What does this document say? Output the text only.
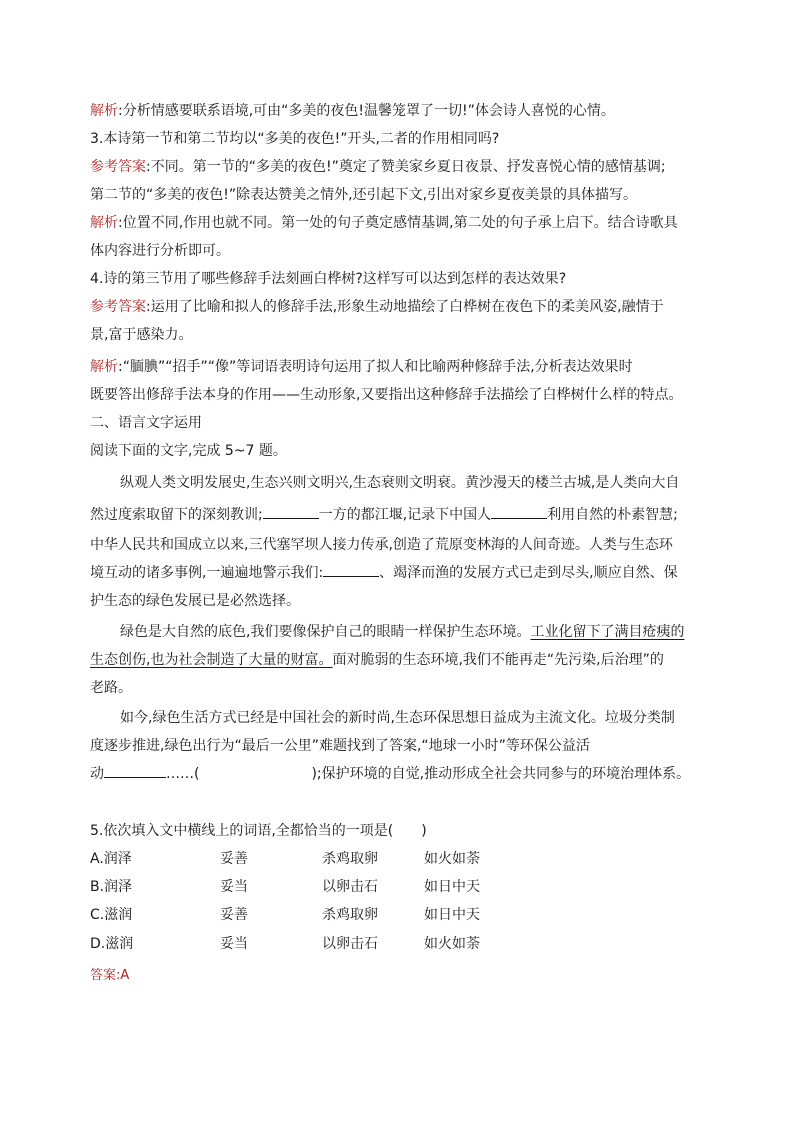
解析:分析情感要联系语境,可由“多美的夜色!温馨笼罩了一切!”体会诗人喜悦的心情。
3.本诗第一节和第二节均以“多美的夜色!”开头,二者的作用相同吗?
参考答案:不同。第一节的“多美的夜色!”奠定了赞美家乡夏日夜景、抒发喜悦心情的感情基调;
第二节的“多美的夜色!”除表达赞美之情外,还引起下文,引出对家乡夏夜美景的具体描写。
解析:位置不同,作用也就不同。第一处的句子奠定感情基调,第二处的句子承上启下。结合诗歌具
体内容进行分析即可。
4.诗的第三节用了哪些修辞手法刻画白桦树?这样写可以达到怎样的表达效果?
参考答案:运用了比喻和拟人的修辞手法,形象生动地描绘了白桦树在夜色下的柔美风姿,融情于
景,富于感染力。
解析:“腼腆”“招手”“像”等词语表明诗句运用了拟人和比喻两种修辞手法,分析表达效果时
既要答出修辞手法本身的作用——生动形象,又要指出这种修辞手法描绘了白桦树什么样的特点。
二、语言文字运用
阅读下面的文字,完成 5~7 题。
纵观人类文明发展史,生态兴则文明兴,生态衰则文明衰。黄沙漫天的楼兰古城,是人类向大自
然过度索取留下的深刻教训;	一方的都江堰,记录下中国人	利用自然的朴素智慧;
中华人民共和国成立以来,三代塞罕坝人接力传承,创造了荒原变林海的人间奇迹。人类与生态环
境互动的诸多事例,一遍遍地警示我们:	、竭泽而渔的发展方式已走到尽头,顺应自然、保
护生态的绿色发展已是必然选择。
绿色是大自然的底色,我们要像保护自己的眼睛一样保护生态环境。工业化留下了满目疮痍的
生态创伤,也为社会制造了大量的财富。面对脆弱的生态环境,我们不能再走“先污染,后治理”的
老路。
如今,绿色生活方式已经是中国社会的新时尚,生态环保思想日益成为主流文化。垃圾分类制
度逐步推进,绿色出行为“最后一公里”难题找到了答案,“地球一小时”等环保公益活
动	……(	);保护环境的自觉,推动形成全社会共同参与的环境治理体系。
5.依次填入文中横线上的词语,全都恰当的一项是(　　)
A.润泽	妥善	杀鸡取卵	如火如荼
B.润泽	妥当	以卵击石	如日中天
C.滋润	妥善	杀鸡取卵	如日中天
D.滋润	妥当	以卵击石	如火如荼
答案:A
